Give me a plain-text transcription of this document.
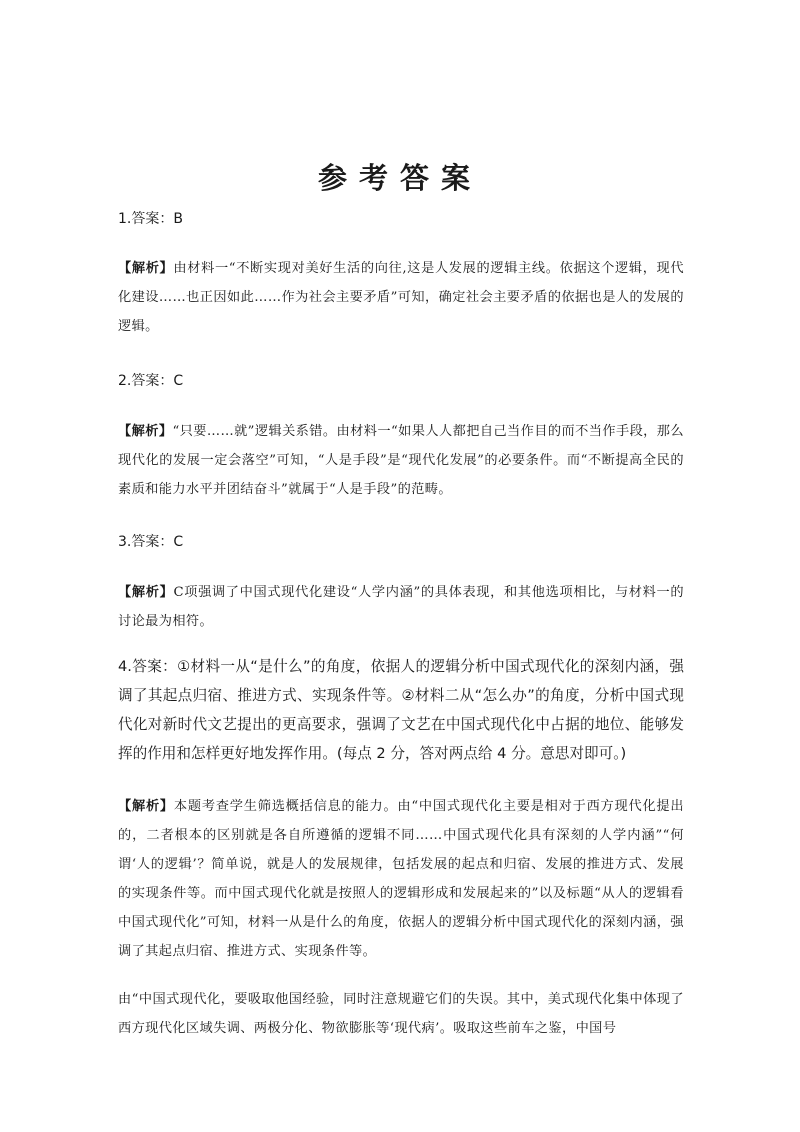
参考答案

1.答案：B

【解析】由材料一“不断实现对美好生活的向往,这是人发展的逻辑主线。依据这个逻辑，现代化建设……也正因如此……作为社会主要矛盾”可知，确定社会主要矛盾的依据也是人的发展的逻辑。

2.答案：C

【解析】“只要……就”逻辑关系错。由材料一“如果人人都把自己当作目的而不当作手段，那么现代化的发展一定会落空”可知，“人是手段”是“现代化发展”的必要条件。而“不断提高全民的素质和能力水平并团结奋斗”就属于“人是手段”的范畴。

3.答案：C

【解析】C项强调了中国式现代化建设“人学内涵”的具体表现，和其他选项相比，与材料一的讨论最为相符。

4.答案：①材料一从“是什么”的角度，依据人的逻辑分析中国式现代化的深刻内涵，强调了其起点归宿、推进方式、实现条件等。②材料二从“怎么办”的角度，分析中国式现代化对新时代文艺提出的更高要求，强调了文艺在中国式现代化中占据的地位、能够发挥的作用和怎样更好地发挥作用。(每点 2 分，答对两点给 4 分。意思对即可。)

【解析】本题考查学生筛选概括信息的能力。由“中国式现代化主要是相对于西方现代化提出的，二者根本的区别就是各自所遵循的逻辑不同……中国式现代化具有深刻的人学内涵”“何谓‘人的逻辑’？简单说，就是人的发展规律，包括发展的起点和归宿、发展的推进方式、发展的实现条件等。而中国式现代化就是按照人的逻辑形成和发展起来的”以及标题“从人的逻辑看中国式现代化”可知，材料一从是什么的角度，依据人的逻辑分析中国式现代化的深刻内涵，强调了其起点归宿、推进方式、实现条件等。

由“中国式现代化，要吸取他国经验，同时注意规避它们的失误。其中，美式现代化集中体现了西方现代化区域失调、两极分化、物欲膨胀等‘现代病’。吸取这些前车之鉴，中国号
